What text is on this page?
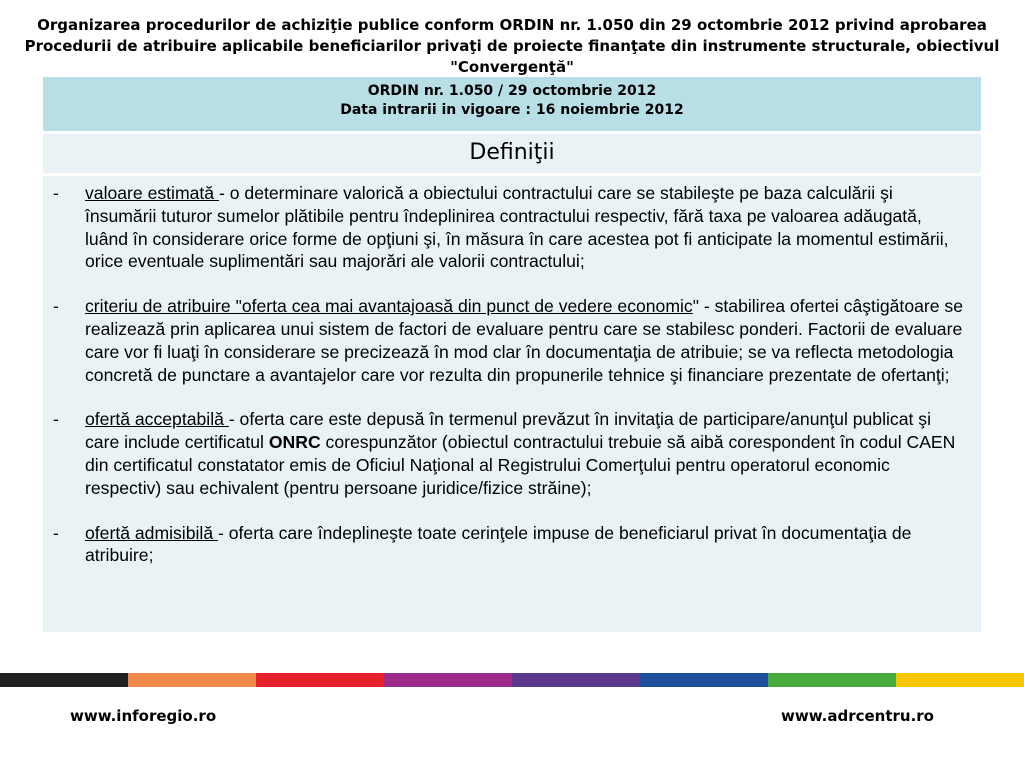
Organizarea procedurilor de achiziţie publice conform ORDIN nr. 1.050 din 29 octombrie 2012 privind aprobarea Procedurii de atribuire aplicabile beneficiarilor privaţi de proiecte finanţate din instrumente structurale, obiectivul "Convergenţă"
ORDIN nr. 1.050 / 29 octombrie 2012
Data intrarii in vigoare : 16 noiembrie 2012
Definiţii
-	valoare estimată - o determinare valorică a obiectului contractului care se stabileşte pe baza calculării şi însumării tuturor sumelor plătibile pentru îndeplinirea contractului respectiv, fără taxa pe valoarea adăugată, luând în considerare orice forme de opţiuni şi, în măsura în care acestea pot fi anticipate la momentul estimării, orice eventuale suplimentări sau majorări ale valorii contractului;
-	criteriu de atribuire "oferta cea mai avantajoasă din punct de vedere economic" - stabilirea ofertei câştigătoare se realizează prin aplicarea unui sistem de factori de evaluare pentru care se stabilesc ponderi. Factorii de evaluare care vor fi luaţi în considerare se precizează în mod clar în documentaţia de atribuie; se va reflecta metodologia concretă de punctare a avantajelor care vor rezulta din propunerile tehnice şi financiare prezentate de ofertanţi;
-	ofertă acceptabilă - oferta care este depusă în termenul prevăzut în invitaţia de participare/anunţul publicat şi care include certificatul ONRC corespunzător (obiectul contractului trebuie să aibă corespondent în codul CAEN din certificatul constatator emis de Oficiul Naţional al Registrului Comerţului pentru operatorul economic respectiv) sau echivalent (pentru persoane juridice/fizice străine);
-	ofertă admisibilă - oferta care îndeplineşte toate cerinţele impuse de beneficiarul privat în documentaţia de atribuire;
www.inforegio.ro	www.adrcentru.ro
